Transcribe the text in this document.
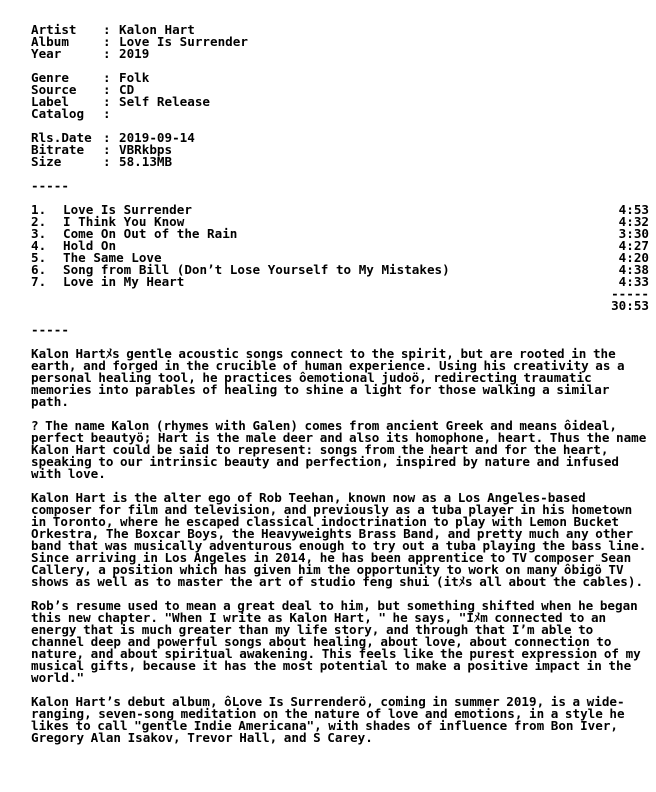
Artist : Kalon Hart
Album	: Love Is Surrender
Year	: 2019
Genre	: Folk
Source : CD
Label	: Self Release
Catalog :
Rls.Date : 2019-09-14
Bitrate : VBRkbps
Size	: 58.13MB
-----
1.	Love Is Surrender	4:53
2.	I Think You Know	4:32
3.	Come On Out of the Rain	3:30
4.	Hold On	4:27
5.	The Same Love	4:20
6.	Song from Bill (Don’t Lose Yourself to My Mistakes)	4:38
7.	Love in My Heart	4:33
-----
30:53
-----

Kalon Hartﾒs gentle acoustic songs connect to the spirit, but are rooted in the earth, and forged in the crucible of human experience. Using his creativity as a personal healing tool, he practices ôemotional judoö, redirecting traumatic memories into parables of healing to shine a light for those walking a similar path.

? The name Kalon (rhymes with Galen) comes from ancient Greek and means ôideal, perfect beautyö; Hart is the male deer and also its homophone, heart. Thus the name Kalon Hart could be said to represent: songs from the heart and for the heart, speaking to our intrinsic beauty and perfection, inspired by nature and infused with love.

Kalon Hart is the alter ego of Rob Teehan, known now as a Los Angeles-based composer for film and television, and previously as a tuba player in his hometown in Toronto, where he escaped classical indoctrination to play with Lemon Bucket Orkestra, The Boxcar Boys, the Heavyweights Brass Band, and pretty much any other band that was musically adventurous enough to try out a tuba playing the bass line. Since arriving in Los Angeles in 2014, he has been apprentice to TV composer Sean Callery, a position which has given him the opportunity to work on many ôbigö TV shows as well as to master the art of studio feng shui (itﾒs all about the cables).

Rob’s resume used to mean a great deal to him, but something shifted when he began this new chapter. "When I write as Kalon Hart, " he says, "Iﾒm connected to an energy that is much greater than my life story, and through that I’m able to channel deep and powerful songs about healing, about love, about connection to nature, and about spiritual awakening. This feels like the purest expression of my musical gifts, because it has the most potential to make a positive impact in the world."

Kalon Hart’s debut album, ôLove Is Surrenderö, coming in summer 2019, is a wide-ranging, seven-song meditation on the nature of love and emotions, in a style he likes to call "gentle Indie Americana", with shades of influence from Bon Iver, Gregory Alan Isakov, Trevor Hall, and S Carey.
